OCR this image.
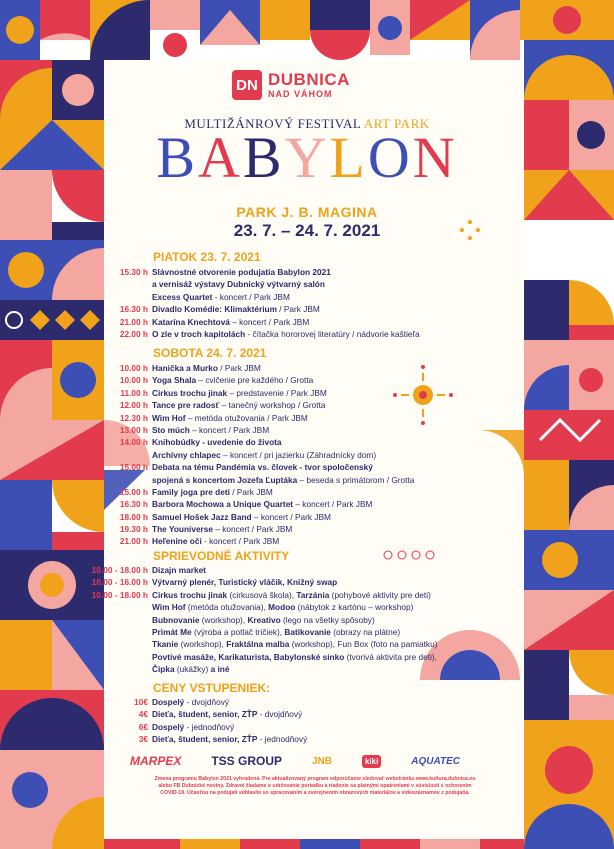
DN DUBNICA
NAD VÁHOM
MULTIŽÁNROVÝ FESTIVAL ART PARK
BABYLON
PARK J. B. MAGINA
23. 7. – 24. 7. 2021
PIATOK 23. 7. 2021
15.30 h Slávnostné otvorenie podujatia Babylon 2021
a vernisáž výstavy Dubnický výtvarný salón
Excess Quartet - koncert / Park JBM
16.30 h Divadlo Komédie: Klimaktérium / Park JBM
21.00 h Katarína Knechtová – koncert / Park JBM
22.00 h O zle v troch kapitolách - čítačka hororovej literatúry / nádvorie kaštieľa
SOBOTA 24. 7. 2021
10.00 h Hanička a Murko / Park JBM
10.00 h Yoga Shala – cvičenie pre každého / Grotta
11.00 h Cirkus trochu jinak – predstavenie / Park JBM
12.00 h Tance pre radosť – tanečný workshop / Grotta
12.30 h Wim Hof – metóda otužovania / Park JBM
13.00 h Sto múch – koncert / Park JBM
14.00 h Knihobúdky - uvedenie do života
Archívny chlapec – koncert / pri jazierku (Záhradnícky dom)
15.00 h Debata na tému Pandémia vs. človek - tvor spoločenský
spojená s koncertom Jozefa Ľuptáka – beseda s primátorom / Grotta
15.00 h Family joga pre deti / Park JBM
16.30 h Barbora Mochowa a Unique Quartet – koncert / Park JBM
18.00 h Samuel Hošek Jazz Band – koncert / Park JBM
19.30 h The Youniverse – koncert / Park JBM
21.00 h Heľenine oči - koncert / Park JBM
SPRIEVODNÉ AKTIVITY
10.00 - 18.00 h Dizajn market
10.00 - 16.00 h Výtvarný plenér, Turistický vláčik, Knižný swap
10.00 - 18.00 h Cirkus trochu jinak (cirkusová škola), Tarzánia (pohybové aktivity pre deti)
Wim Hof (metóda otužovania), Modoo (nábytok z kartónu – workshop)
Bubnovanie (workshop), Kreativo (lego na všetky spôsoby)
Primát Me (výroba a potlač tričiek), Batikovanie (obrazy na plátne)
Tkanie (workshop), Fraktálna malba (workshop), Fun Box (foto na pamiatku)
Povtivé masáže, Karikaturista, Babylonské sinko (tvorivá aktivita pre deti),
Čipka (ukážky) a iné
CENY VSTUPENIEK:
10€ Dospelý - dvojdňový
4€ Dieťa, študent, senior, ZŤP - dvojdňový
6€ Dospelý - jednodňový
3€ Dieťa, študent, senior, ZŤP - jednodňový
MARPEX TSS GROUP	JNB	kiki	AQUATEC
Zmena programu Babylon 2021 vyhradená. Pre aktualizovaný program odporúčame sledovať webstránku www.kultura.dubnica.eu alebo FB Dubnické noviny. Zdravoi žiadame o udržovanie poriadku a riadenie sa platnými opatreniami v súvislosti s ochorením COVID-19. Účasťou na podujatí súhlasíte so spracovaním a zverejnením obrazových materiálov a videozáznamov z podujatia.
